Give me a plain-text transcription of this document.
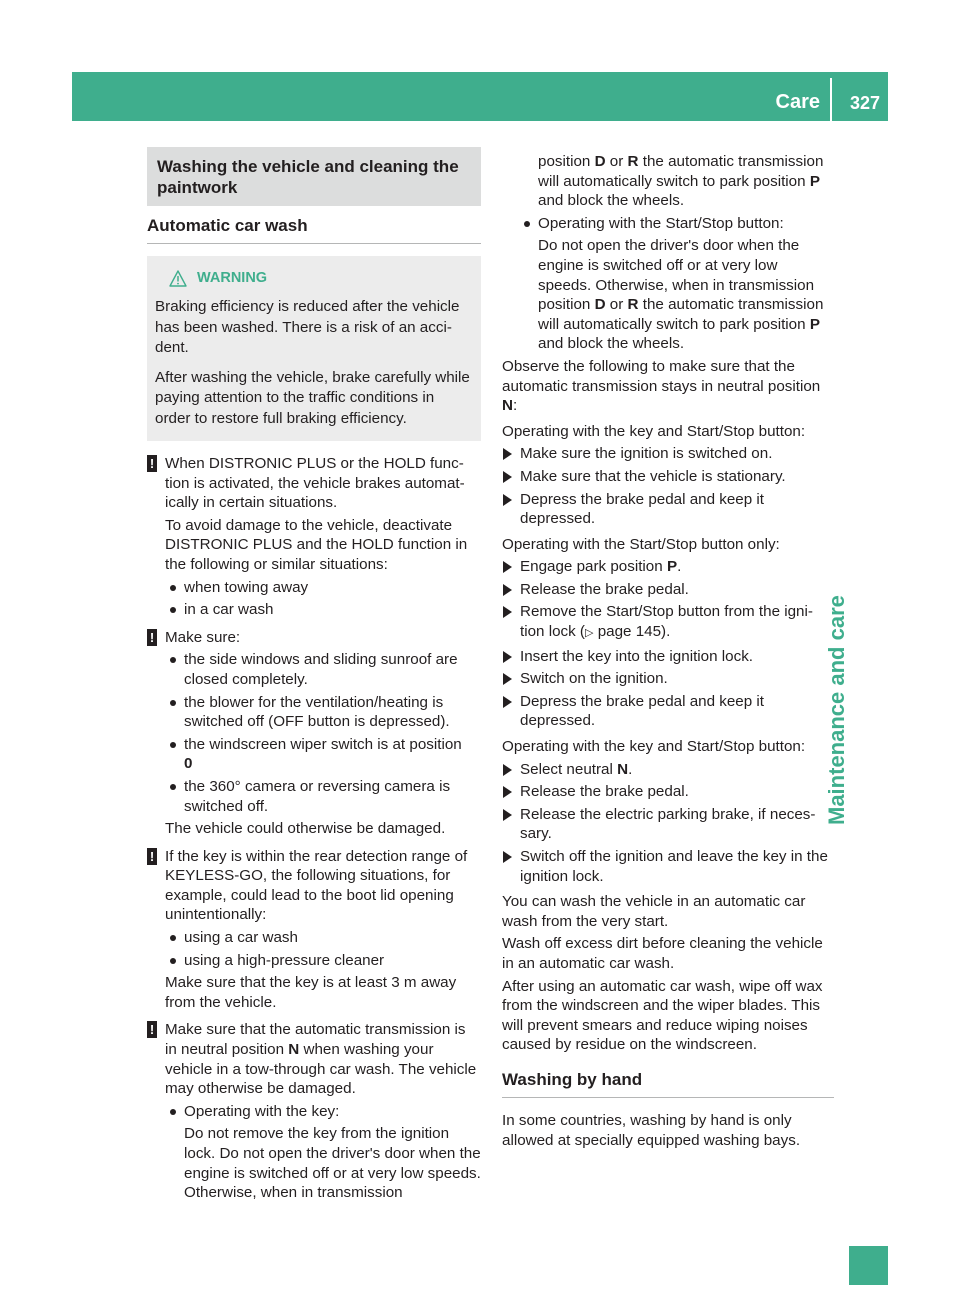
Care 327
Maintenance and care
Washing the vehicle and cleaning the paintwork
Automatic car wash
WARNING

Braking efficiency is reduced after the vehicle has been washed. There is a risk of an acci-dent.

After washing the vehicle, brake carefully while paying attention to the traffic conditions in order to restore full braking efficiency.

! When DISTRONIC PLUS or the HOLD func-tion is activated, the vehicle brakes automat-ically in certain situations.

To avoid damage to the vehicle, deactivate DISTRONIC PLUS and the HOLD function in the following or similar situations:

when towing away
in a car wash
! Make sure:

the side windows and sliding sunroof are closed completely.
the blower for the ventilation/heating is switched off (OFF button is depressed).
the windscreen wiper switch is at position
0
the 360° camera or reversing camera is switched off.

The vehicle could otherwise be damaged.

! If the key is within the rear detection range of KEYLESS-GO, the following situations, for example, could lead to the boot lid opening unintentionally:

using a car wash
using a high-pressure cleaner

Make sure that the key is at least 3 m away from the vehicle.

! Make sure that the automatic transmission is in neutral position N when washing your vehicle in a tow-through car wash. The vehicle may otherwise be damaged.

Operating with the key:

Do not remove the key from the ignition lock. Do not open the driver's door when the engine is switched off or at very low speeds. Otherwise, when in transmission

position D or R the automatic transmission will automatically switch to park position P and block the wheels.

Operating with the Start/Stop button:

Do not open the driver's door when the engine is switched off or at very low speeds. Otherwise, when in transmission position D or R the automatic transmission will automatically switch to park position P and block the wheels.

Observe the following to make sure that the automatic transmission stays in neutral position
N:

Operating with the key and Start/Stop button:

Make sure the ignition is switched on.
Make sure that the vehicle is stationary.
Depress the brake pedal and keep it depressed.

Operating with the Start/Stop button only:

Engage park position P.
Release the brake pedal.
Remove the Start/Stop button from the igni-tion lock (▷ page 145).
Insert the key into the ignition lock.
Switch on the ignition.
Depress the brake pedal and keep it depressed.

Operating with the key and Start/Stop button:

Select neutral N.
Release the brake pedal.
Release the electric parking brake, if neces-sary.
Switch off the ignition and leave the key in the ignition lock.

You can wash the vehicle in an automatic car wash from the very start.

Wash off excess dirt before cleaning the vehicle in an automatic car wash.

After using an automatic car wash, wipe off wax from the windscreen and the wiper blades. This will prevent smears and reduce wiping noises caused by residue on the windscreen.

Washing by hand

In some countries, washing by hand is only allowed at specially equipped washing bays.
